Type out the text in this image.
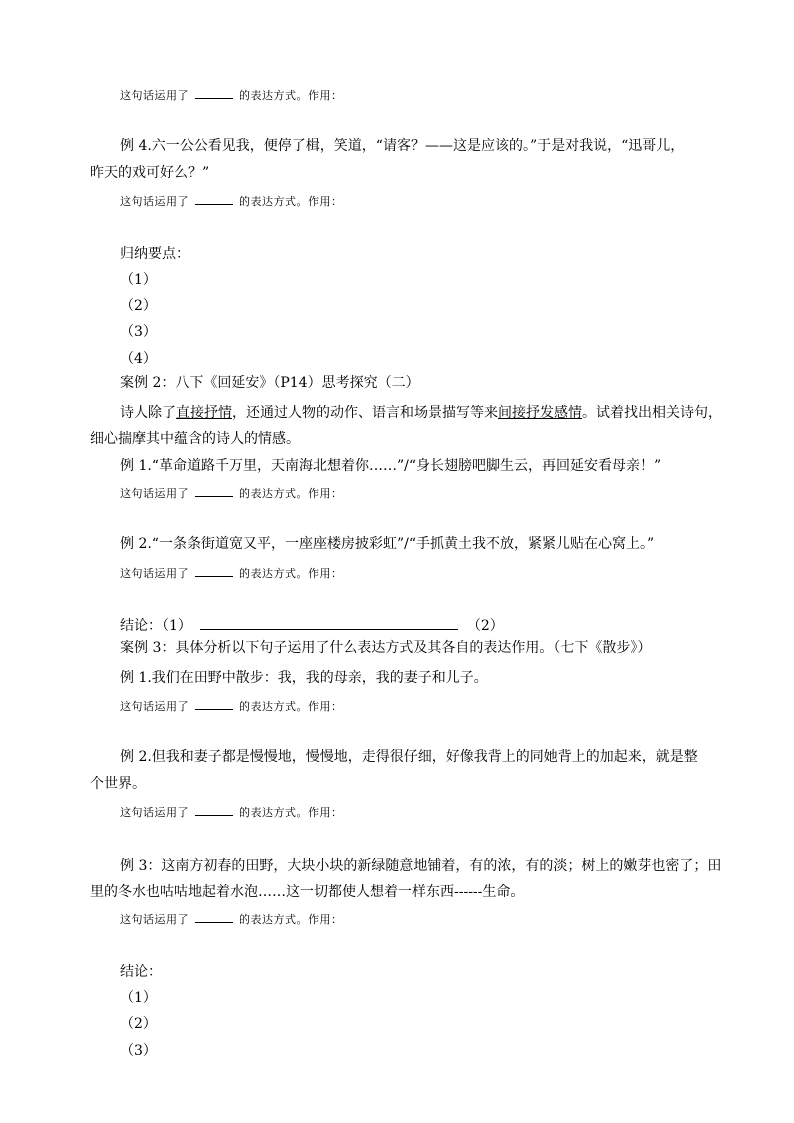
这句话运用了	的表达方式。作用：
例 4.六一公公看见我，便停了楫，笑道，“请客？——这是应该的。”于是对我说，“迅哥儿，
昨天的戏可好么？”
这句话运用了	的表达方式。作用：
归纳要点：
（1）
（2）
（3）
（4）
案例 2：八下《回延安》（P14）思考探究（二）
诗人除了直接抒情，还通过人物的动作、语言和场景描写等来间接抒发感情。试着找出相关诗句，
细心揣摩其中蕴含的诗人的情感。
例 1.“革命道路千万里，天南海北想着你……”/“身长翅膀吧脚生云，再回延安看母亲！”
这句话运用了	的表达方式。作用：
例 2.“一条条街道宽又平，一座座楼房披彩虹”/“手抓黄土我不放，紧紧儿贴在心窝上。”
这句话运用了	的表达方式。作用：
结论：（1）	（2）
案例 3：具体分析以下句子运用了什么表达方式及其各自的表达作用。（七下《散步》）
例 1.我们在田野中散步：我，我的母亲，我的妻子和儿子。
这句话运用了	的表达方式。作用：
例 2.但我和妻子都是慢慢地，慢慢地，走得很仔细，好像我背上的同她背上的加起来，就是整
个世界。
这句话运用了	的表达方式。作用：
例 3：这南方初春的田野，大块小块的新绿随意地铺着，有的浓，有的淡；树上的嫩芽也密了；田
里的冬水也咕咕地起着水泡……这一切都使人想着一样东西------生命。
这句话运用了	的表达方式。作用：
结论：
（1）
（2）
（3）
